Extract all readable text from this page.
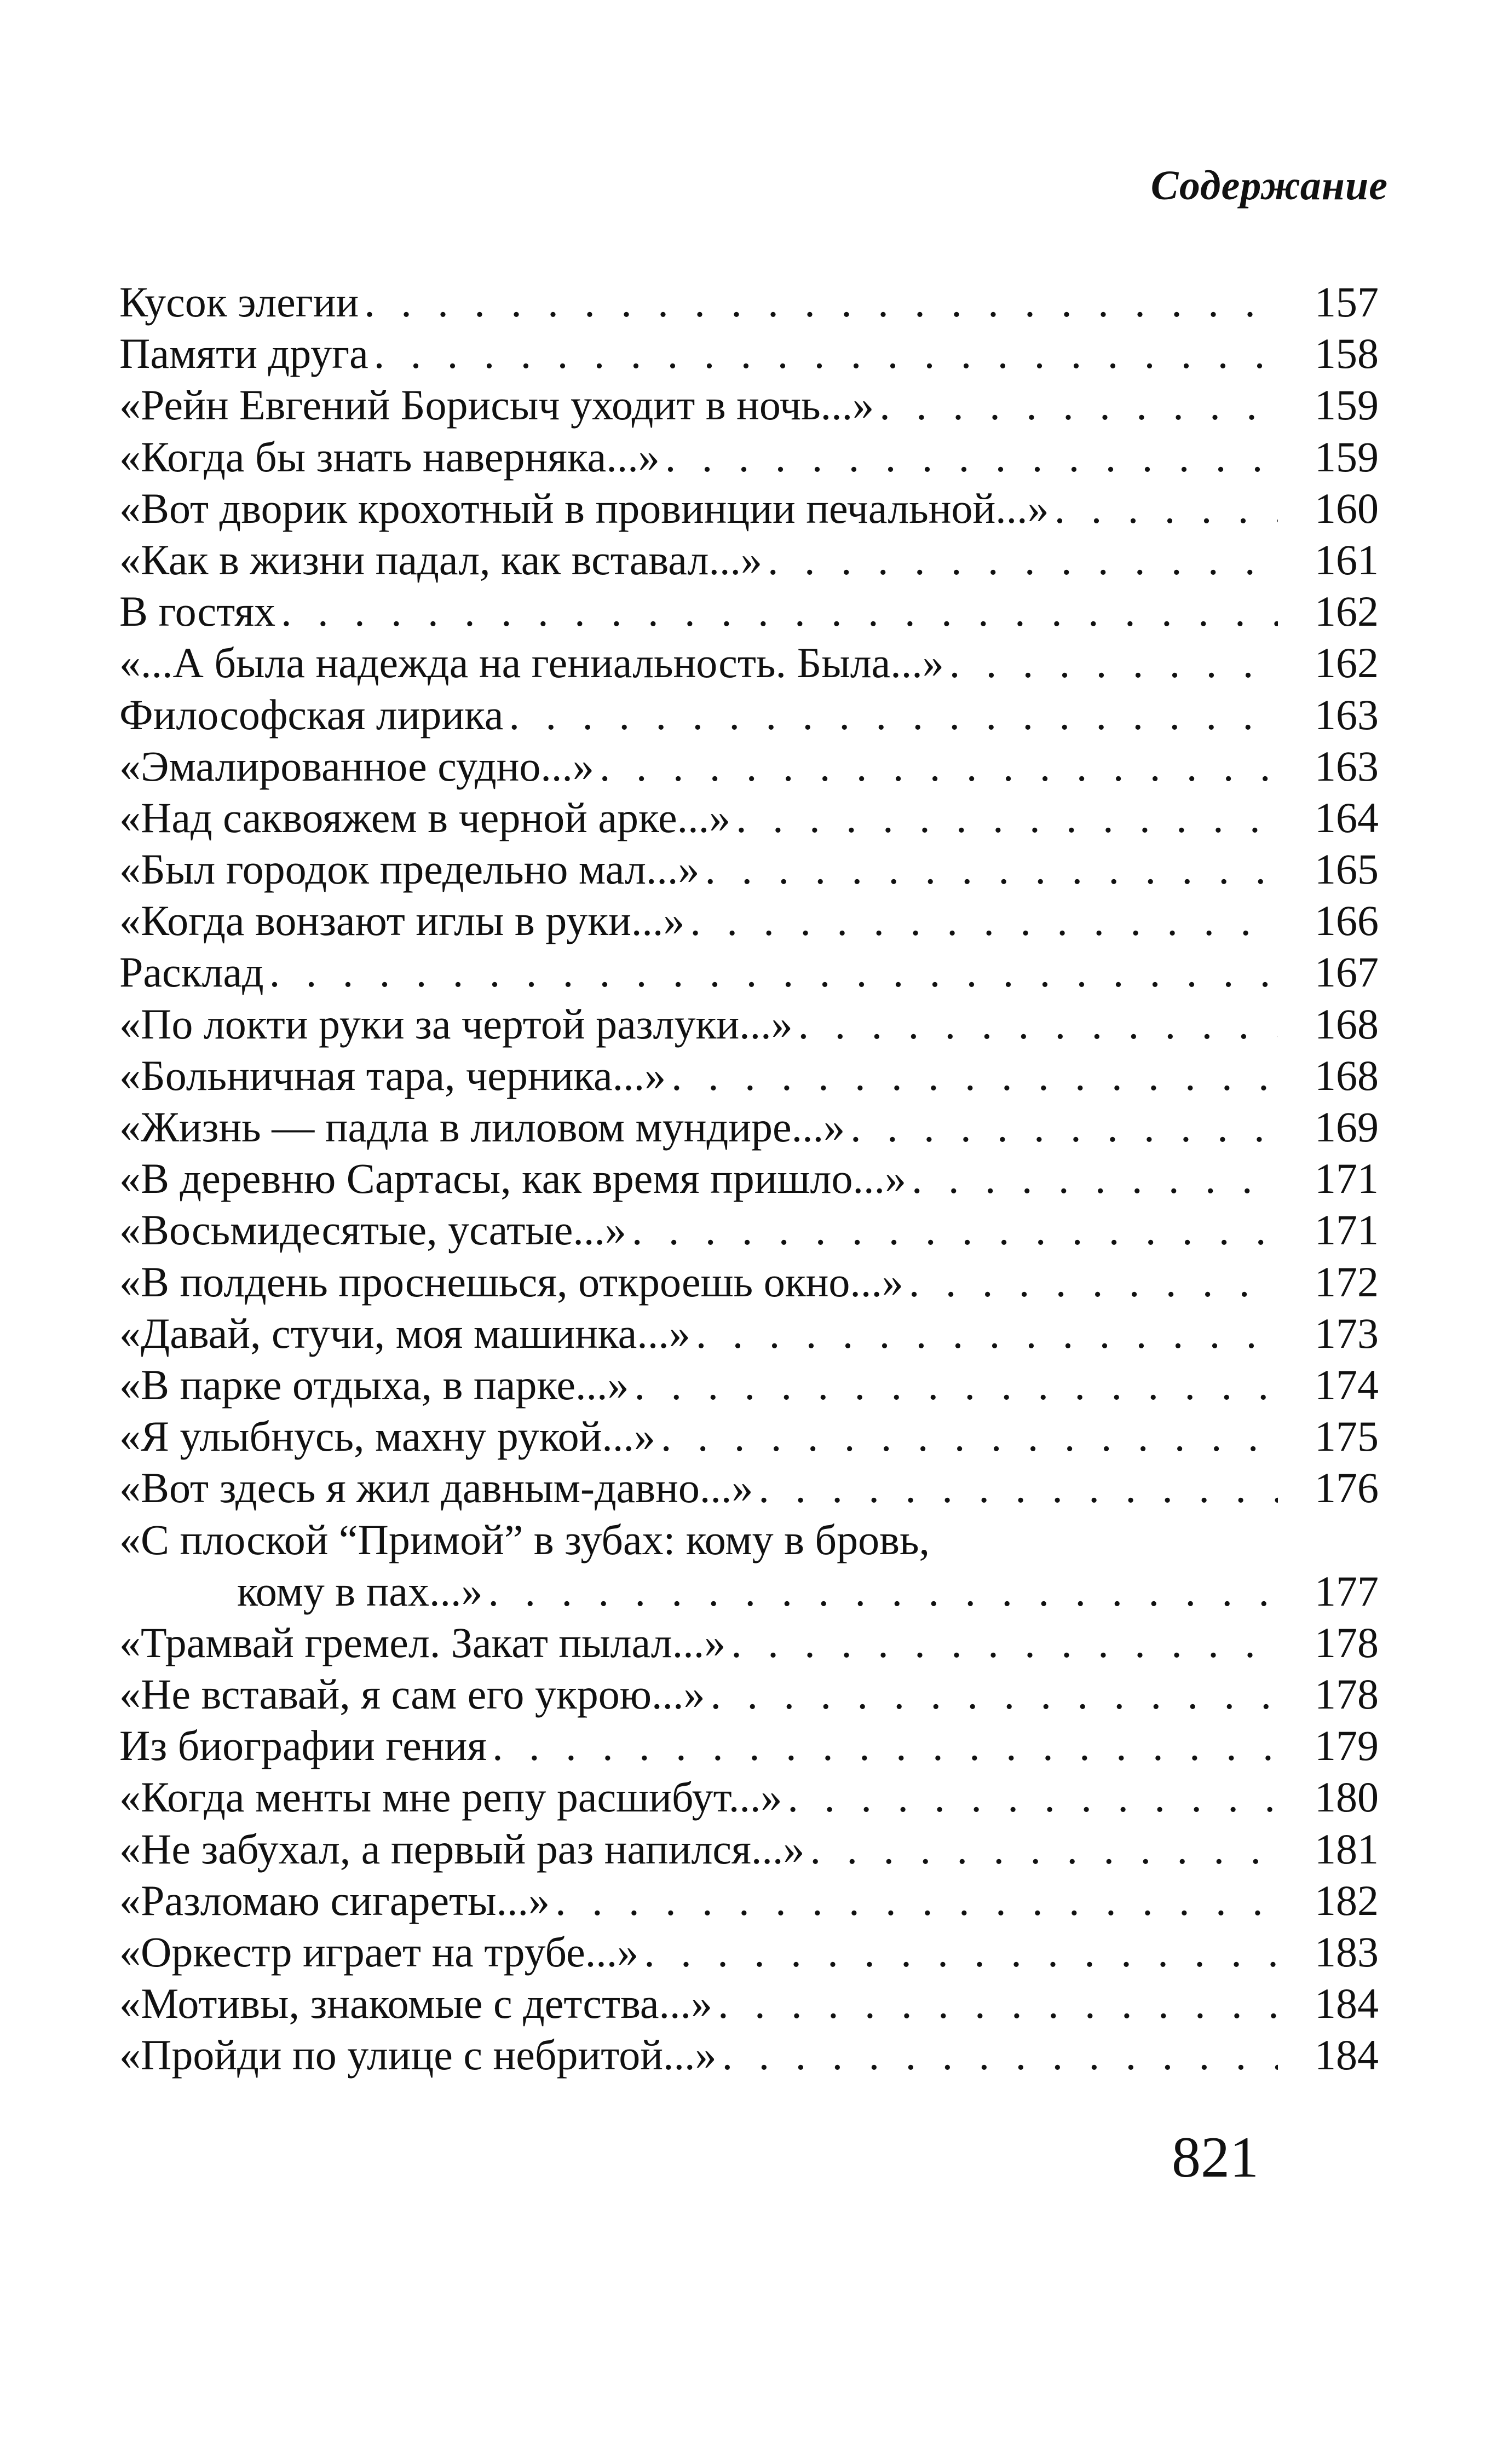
Содержание

Кусок элегии . . .	157
Памяти друга . . .	158
«Рейн Евгений Борисыч уходит в ночь...» . . .	159
«Когда бы знать наверняка...» . . .	159
«Вот дворик крохотный в провинции печальной...» . . .	160
«Как в жизни падал, как вставал...» . . .	161
В гостях . . .	162
«...А была надежда на гениальность. Была...» . . .	162
Философская лирика . . .	163
«Эмалированное судно...» . . .	163
«Над саквояжем в черной арке...» . . .	164
«Был городок предельно мал...» . . .	165
«Когда вонзают иглы в руки...» . . .	166
Расклад . . .	167
«По локти руки за чертой разлуки...» . . .	168
«Больничная тара, черника...» . . .	168
«Жизнь — падла в лиловом мундире...» . . .	169
«В деревню Сартасы, как время пришло...» . . .	171
«Восьмидесятые, усатые...» . . .	171
«В полдень проснешься, откроешь окно...» . . .	172
«Давай, стучи, моя машинка...» . . .	173
«В парке отдыха, в парке...» . . .	174
«Я улыбнусь, махну рукой...» . . .	175
«Вот здесь я жил давным-давно...» . . .	176
«С плоской “Примой” в зубах: кому в бровь,
кому в пах...» . . .	177
«Трамвай гремел. Закат пылал...» . . .	178
«Не вставай, я сам его укрою...» . . .	178
Из биографии гения . . .	179
«Когда менты мне репу расшибут...» . . .	180
«Не забухал, а первый раз напился...» . . .	181
«Разломаю сигареты...» . . .	182
«Оркестр играет на трубе...» . . .	183
«Мотивы, знакомые с детства...» . . .	184
«Пройди по улице с небритой...» . . .	184

821
